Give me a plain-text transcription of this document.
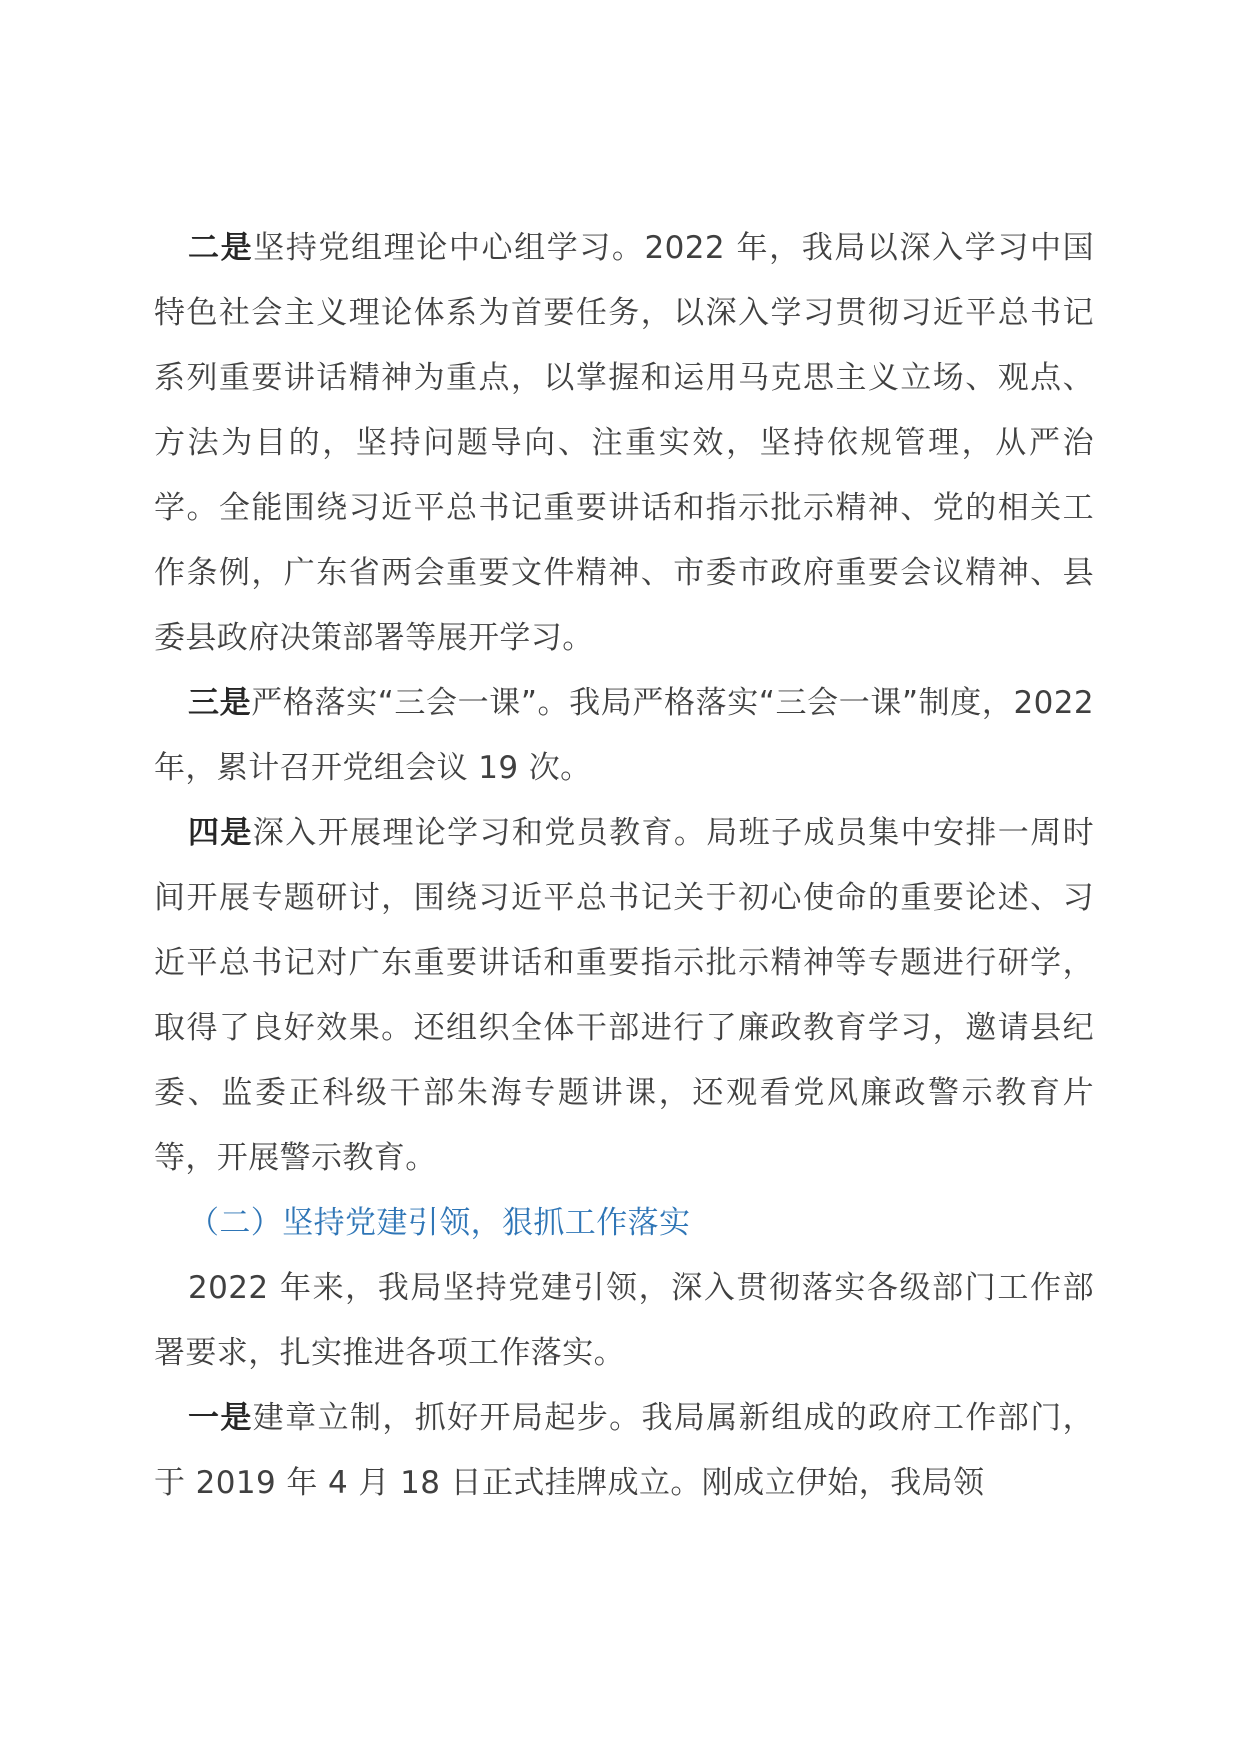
二是坚持党组理论中心组学习。2022 年，我局以深入学习中国特色社会主义理论体系为首要任务，以深入学习贯彻习近平总书记系列重要讲话精神为重点，以掌握和运用马克思主义立场、观点、方法为目的，坚持问题导向、注重实效，坚持依规管理，从严治学。全能围绕习近平总书记重要讲话和指示批示精神、党的相关工作条例，广东省两会重要文件精神、市委市政府重要会议精神、县委县政府决策部署等展开学习。

三是严格落实“三会一课”。我局严格落实“三会一课”制度，2022 年，累计召开党组会议 19 次。

四是深入开展理论学习和党员教育。局班子成员集中安排一周时间开展专题研讨，围绕习近平总书记关于初心使命的重要论述、习近平总书记对广东重要讲话和重要指示批示精神等专题进行研学，取得了良好效果。还组织全体干部进行了廉政教育学习，邀请县纪委、监委正科级干部朱海专题讲课，还观看党风廉政警示教育片等，开展警示教育。

（二）坚持党建引领，狠抓工作落实

2022 年来，我局坚持党建引领，深入贯彻落实各级部门工作部署要求，扎实推进各项工作落实。

一是建章立制，抓好开局起步。我局属新组成的政府工作部门，于 2019 年 4 月 18 日正式挂牌成立。刚成立伊始，我局领
